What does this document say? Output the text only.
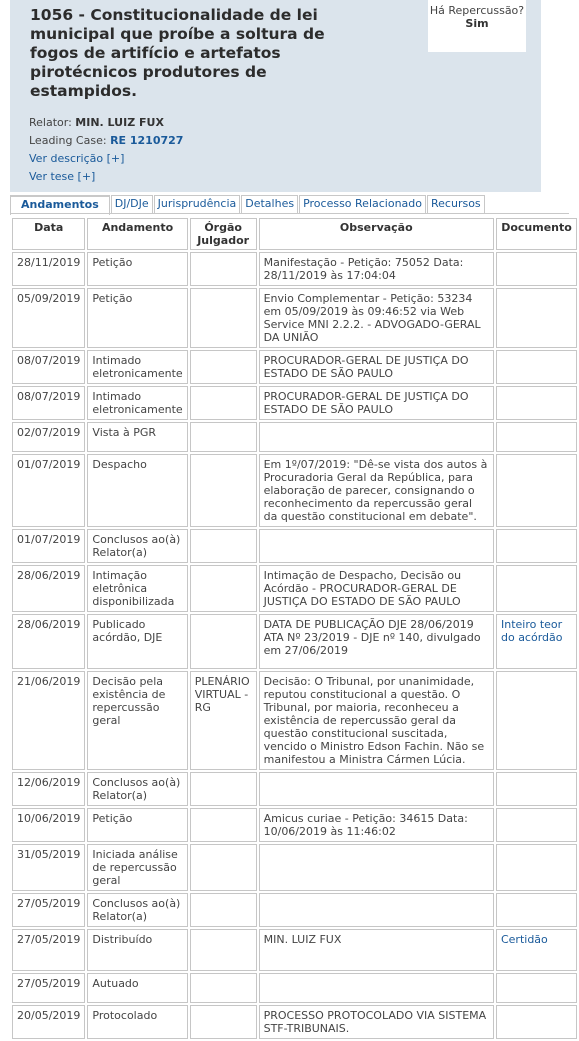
1056 - Constitucionalidade de lei municipal que proíbe a soltura de fogos de artifício e artefatos pirotécnicos produtores de estampidos.
Relator: MIN. LUIZ FUX
Leading Case: RE 1210727
Ver descrição [+]
Ver tese [+]
Há Repercussão?
Sim
Andamentos	DJ/DJe Jurisprudência Detalhes Processo Relacionado Recursos
Data	Andamento	Órgão Julgador	Observação	Documento
28/11/2019	Petição		Manifestação - Petição: 75052 Data: 28/11/2019 às 17:04:04	
05/09/2019	Petição		Envio Complementar - Petição: 53234 em 05/09/2019 às 09:46:52 via Web Service MNI 2.2.2. - ADVOGADO-GERAL DA UNIÃO	
08/07/2019	Intimado eletronicamente		PROCURADOR-GERAL DE JUSTIÇA DO ESTADO DE SÃO PAULO	
08/07/2019	Intimado eletronicamente		PROCURADOR-GERAL DE JUSTIÇA DO ESTADO DE SÃO PAULO	
02/07/2019	Vista à PGR			
01/07/2019	Despacho		Em 1º/07/2019: "Dê-se vista dos autos à Procuradoria Geral da República, para elaboração de parecer, consignando o reconhecimento da repercussão geral da questão constitucional em debate".	
01/07/2019	Conclusos ao(à) Relator(a)			
28/06/2019	Intimação eletrônica disponibilizada		Intimação de Despacho, Decisão ou Acórdão - PROCURADOR-GERAL DE JUSTIÇA DO ESTADO DE SÃO PAULO	
28/06/2019	Publicado acórdão, DJE		DATA DE PUBLICAÇÃO DJE 28/06/2019 ATA Nº 23/2019 - DJE nº 140, divulgado em 27/06/2019	Inteiro teor do acórdão
21/06/2019	Decisão pela existência de repercussão geral	PLENÁRIO VIRTUAL - RG	Decisão: O Tribunal, por unanimidade, reputou constitucional a questão. O Tribunal, por maioria, reconheceu a existência de repercussão geral da questão constitucional suscitada, vencido o Ministro Edson Fachin. Não se manifestou a Ministra Cármen Lúcia.	
12/06/2019	Conclusos ao(à) Relator(a)			
10/06/2019	Petição		Amicus curiae - Petição: 34615 Data: 10/06/2019 às 11:46:02	
31/05/2019	Iniciada análise de repercussão geral			
27/05/2019	Conclusos ao(à) Relator(a)			
27/05/2019	Distribuído		MIN. LUIZ FUX	Certidão
27/05/2019	Autuado			
20/05/2019	Protocolado		PROCESSO PROTOCOLADO VIA SISTEMA STF-TRIBUNAIS.	
